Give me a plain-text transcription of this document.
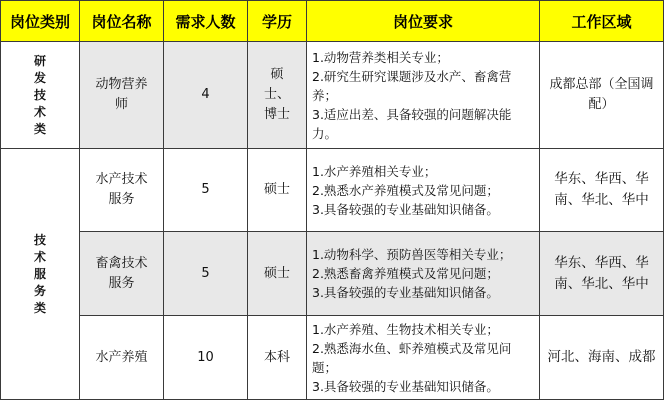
岗位类别	岗位名称	需求人数	学历	岗位要求	工作区域
研发技术类	动物营养师	4	硕士、博士	1.动物营养类相关专业；
2.研究生研究课题涉及水产、畜禽营养；
3.适应出差、具备较强的问题解决能力。	成都总部（全国调配）

技术服务类	水产技术服务	5	硕士	1.水产养殖相关专业；
2.熟悉水产养殖模式及常见问题；
3.具备较强的专业基础知识储备。	华东、华西、华南、华北、华中

	畜禽技术服务	5	硕士	1.动物科学、预防兽医等相关专业；
2.熟悉畜禽养殖模式及常见问题；
3.具备较强的专业基础知识储备。	华东、华西、华南、华北、华中

	水产养殖	10	本科	1.水产养殖、生物技术相关专业；
2.熟悉海水鱼、虾养殖模式及常见问题；
3.具备较强的专业基础知识储备。	河北、海南、成都
